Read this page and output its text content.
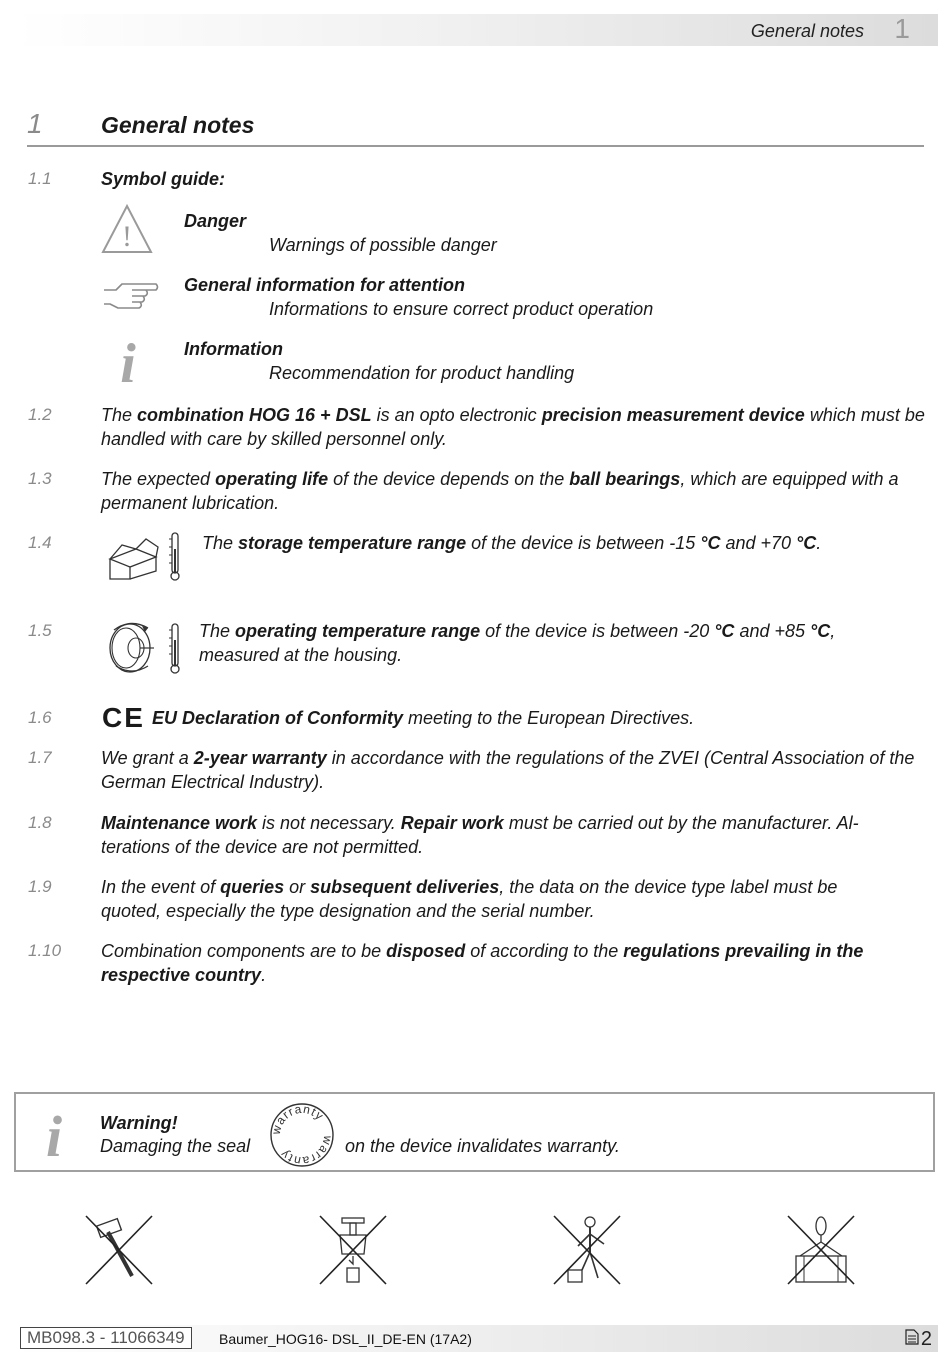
General notes 1
1	General notes
1.1	Symbol guide:
!	Danger
Warnings of possible danger
General information for attention
Informations to ensure correct product operation
i	Information
Recommendation for product handling
1.2	The combination HOG 16 + DSL is an opto electronic precision measurement device which must be handled with care by skilled personnel only.
1.3	The expected operating life of the device depends on the ball bearings, which are equipped with a permanent lubrication.
1.4	The storage temperature range of the device is between -15 °C and +70 °C.
1.5	The operating temperature range of the device is between -20 °C and +85 °C,
measured at the housing.
1.6 CE EU Declaration of Conformity meeting to the European Directives.
1.7	We grant a 2-year warranty in accordance with the regulations of the ZVEI (Central Association of the German Electrical Industry).
1.8	Maintenance work is not necessary. Repair work must be carried out by the manufacturer. Al-
terations of the device are not permitted.
1.9	In the event of queries or subsequent deliveries, the data on the device type label must be quoted, especially the type designation and the serial number.
1.10 Combination components are to be disposed of according to the regulations prevailing in the respective country.
i Warning!
Damaging the seal
warranty
warranty	on the device invalidates warranty.
MB098.3 - 11066349	Baumer_HOG16- DSL_II_DE-EN (17A2)	2
